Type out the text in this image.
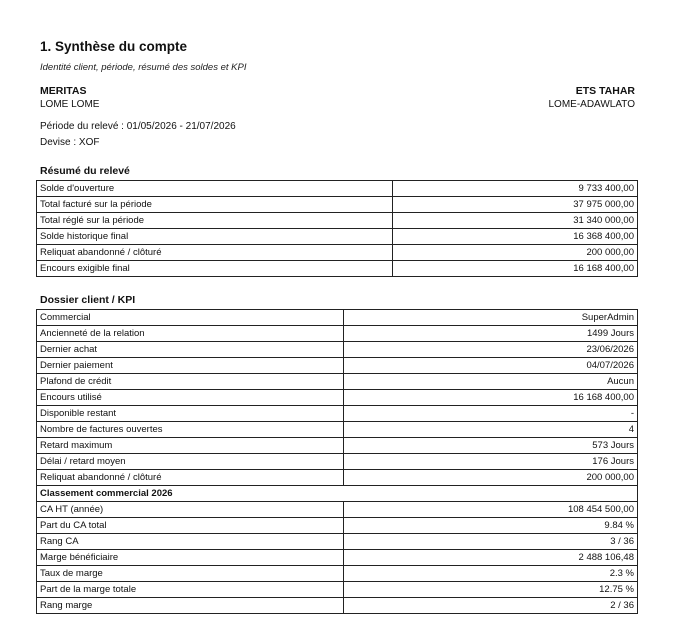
1. Synthèse du compte
Identité client, période, résumé des soldes et KPI
MERITAS
LOME LOME
ETS TAHAR
LOME-ADAWLATO
Période du relevé : 01/05/2026 - 21/07/2026
Devise : XOF
Résumé du relevé
Solde d'ouverture	9 733 400,00
Total facturé sur la période	37 975 000,00
Total réglé sur la période	31 340 000,00
Solde historique final	16 368 400,00
Reliquat abandonné / clôturé	200 000,00
Encours exigible final	16 168 400,00
Dossier client / KPI
Commercial	SuperAdmin
Ancienneté de la relation	1499 Jours
Dernier achat	23/06/2026
Dernier paiement	04/07/2026
Plafond de crédit	Aucun
Encours utilisé	16 168 400,00
Disponible restant	-
Nombre de factures ouvertes	4
Retard maximum	573 Jours
Délai / retard moyen	176 Jours
Reliquat abandonné / clôturé	200 000,00
Classement commercial 2026	
CA HT (année)	108 454 500,00
Part du CA total	9.84 %
Rang CA	3 / 36
Marge bénéficiaire	2 488 106,48
Taux de marge	2.3 %
Part de la marge totale	12.75 %
Rang marge	2 / 36
